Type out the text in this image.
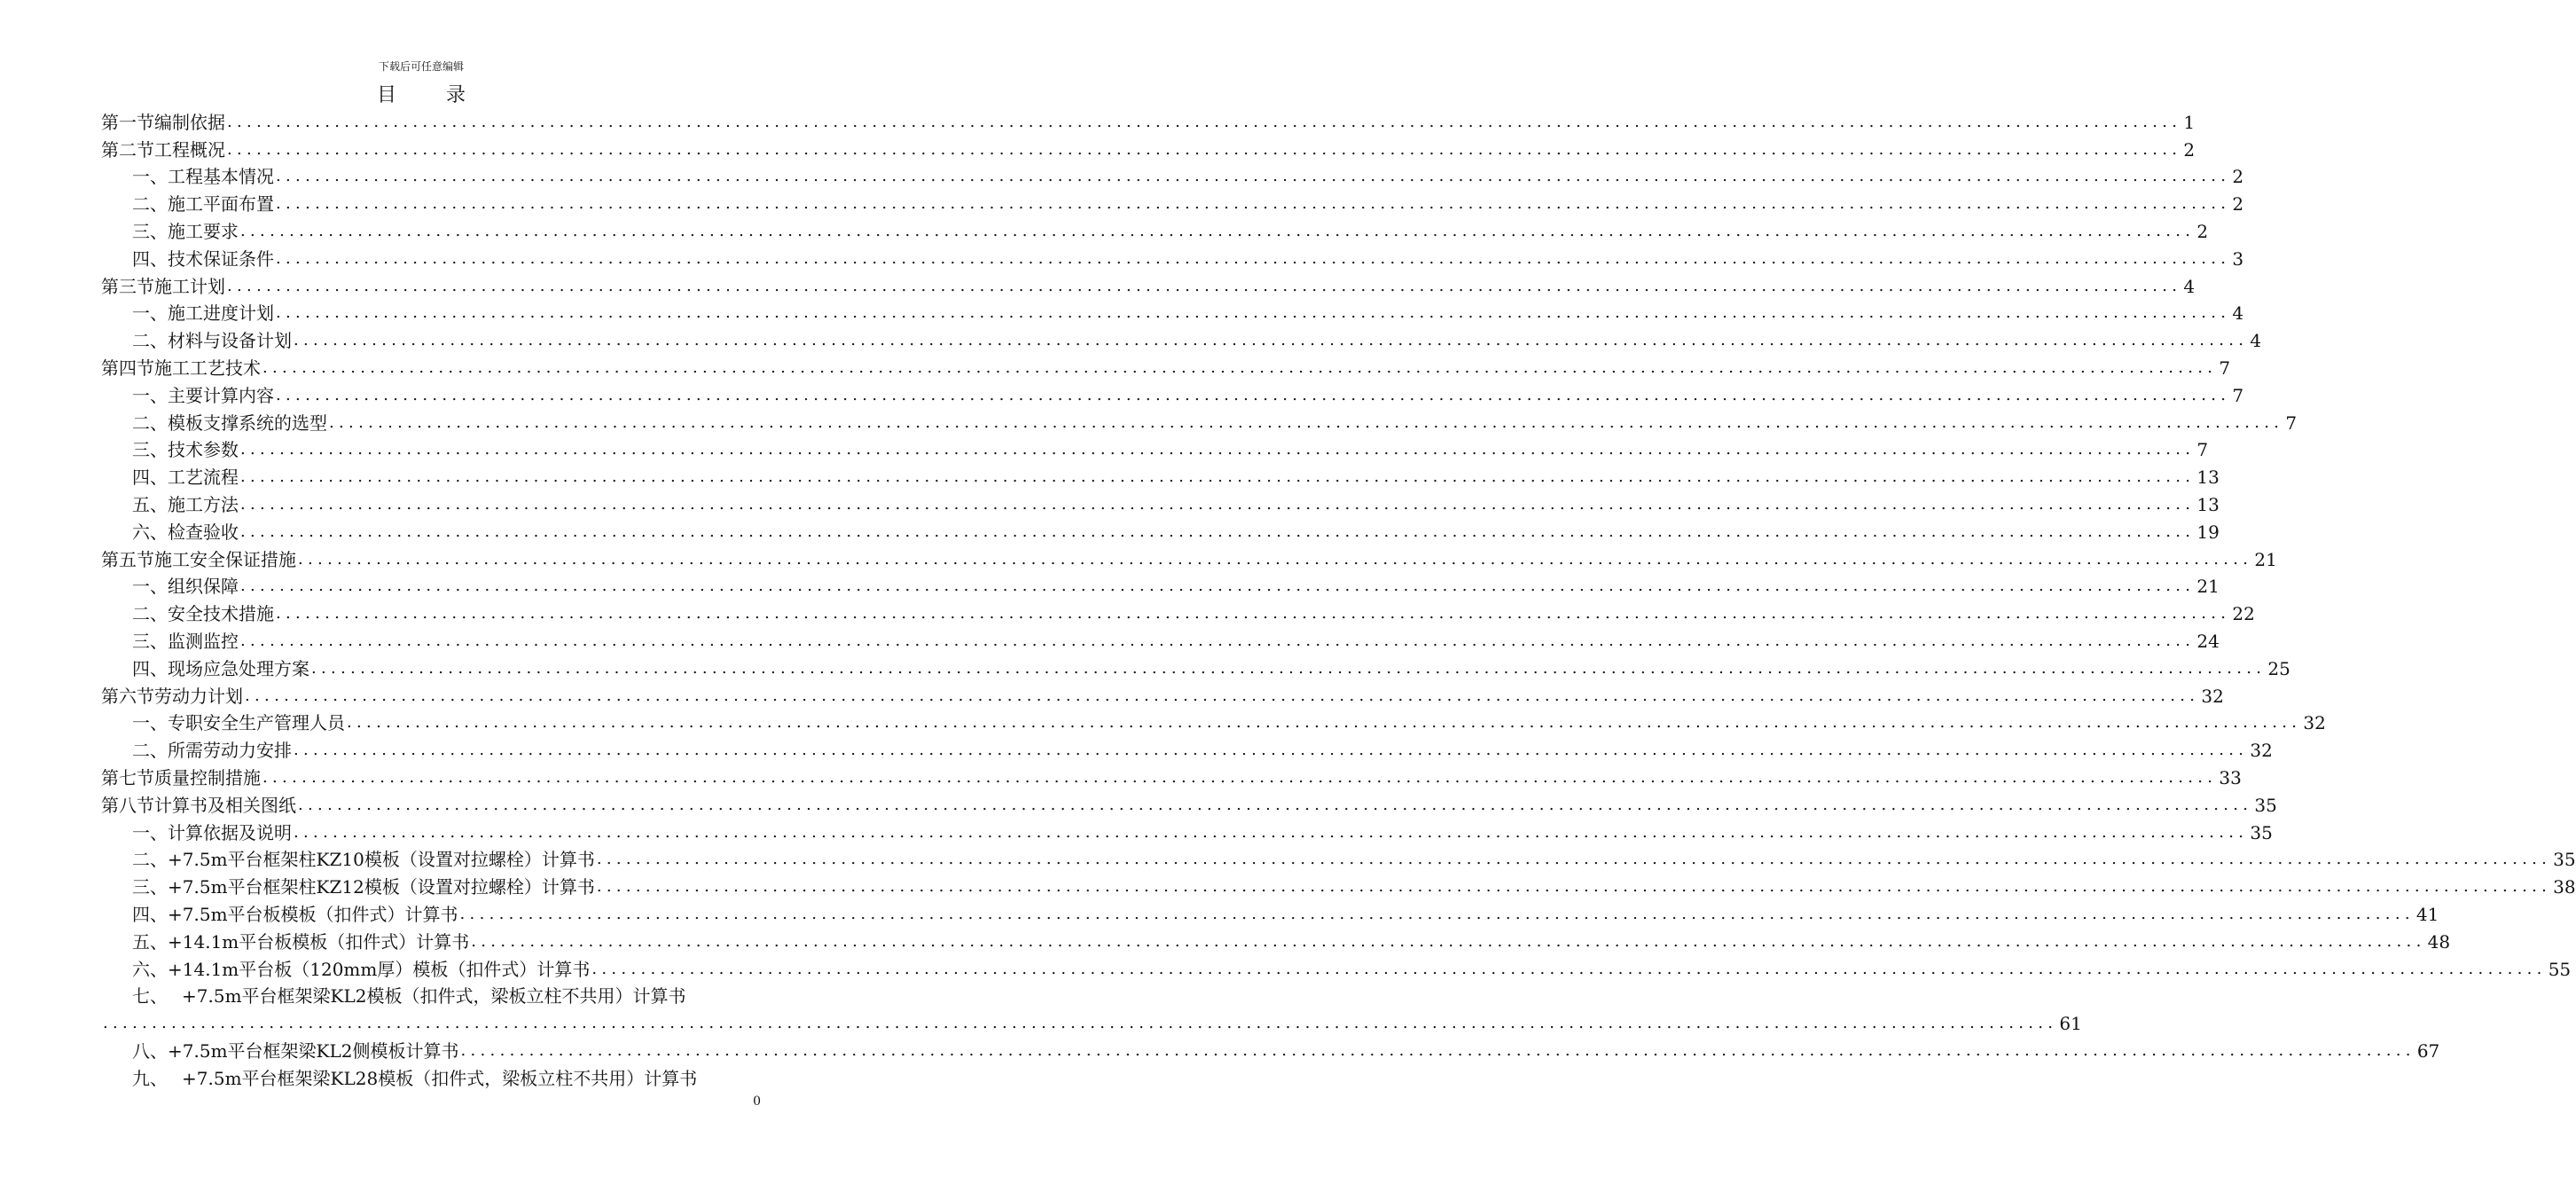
下载后可任意编辑
目	录
第一节 编制依据 ........................................................................................................................................................................................................ 1
第二节 工程概况 ........................................................................................................................................................................................................ 2
一、 工程基本情况 ........................................................................................................................................................................................................ 2
二、 施工平面布置 ........................................................................................................................................................................................................ 2
三、 施工要求 ........................................................................................................................................................................................................ 2
四、 技术保证条件 ........................................................................................................................................................................................................ 3
第三节 施工计划 ........................................................................................................................................................................................................ 4
一、 施工进度计划 ........................................................................................................................................................................................................ 4
二、 材料与设备计划 ........................................................................................................................................................................................................ 4
第四节 施工工艺技术 ........................................................................................................................................................................................................ 7
一、 主要计算内容 ........................................................................................................................................................................................................ 7
二、 模板支撑系统的选型 ........................................................................................................................................................................................................ 7
三、 技术参数 ........................................................................................................................................................................................................ 7
四、 工艺流程 ........................................................................................................................................................................................................ 13
五、 施工方法 ........................................................................................................................................................................................................ 13
六、 检查验收 ........................................................................................................................................................................................................ 19
第五节 施工安全保证措施 ........................................................................................................................................................................................................ 21
一、 组织保障 ........................................................................................................................................................................................................ 21
二、 安全技术措施 ........................................................................................................................................................................................................ 22
三、 监测监控 ........................................................................................................................................................................................................ 24
四、 现场应急处理方案 ........................................................................................................................................................................................................ 25
第六节 劳动力计划 ........................................................................................................................................................................................................ 32
一、 专职安全生产管理人员 ........................................................................................................................................................................................................ 32
二、 所需劳动力安排 ........................................................................................................................................................................................................ 32
第七节 质量控制措施 ........................................................................................................................................................................................................ 33
第八节 计算书及相关图纸 ........................................................................................................................................................................................................ 35
一、 计算依据及说明 ........................................................................................................................................................................................................ 35
二、 +7.5m平台框架柱KZ10模板（设置对拉螺栓）计算书 ........................................................................................................................................................................................................ 35
三、 +7.5m平台框架柱KZ12模板（设置对拉螺栓）计算书 ........................................................................................................................................................................................................ 38
四、 +7.5m平台板模板（扣件式）计算书 ........................................................................................................................................................................................................ 41
五、 +14.1m平台板模板（扣件式）计算书 ........................................................................................................................................................................................................ 48
六、 +14.1m平台板（120mm厚）模板（扣件式）计算书 ........................................................................................................................................................................................................ 55
七、 +7.5m平台框架梁KL2模板（扣件式，梁板立柱不共用）计算书
........................................................................................................................................................................................................ 61
八、 +7.5m平台框架梁KL2侧模板计算书 ........................................................................................................................................................................................................ 67
九、 +7.5m平台框架梁KL28模板（扣件式，梁板立柱不共用）计算书
0
